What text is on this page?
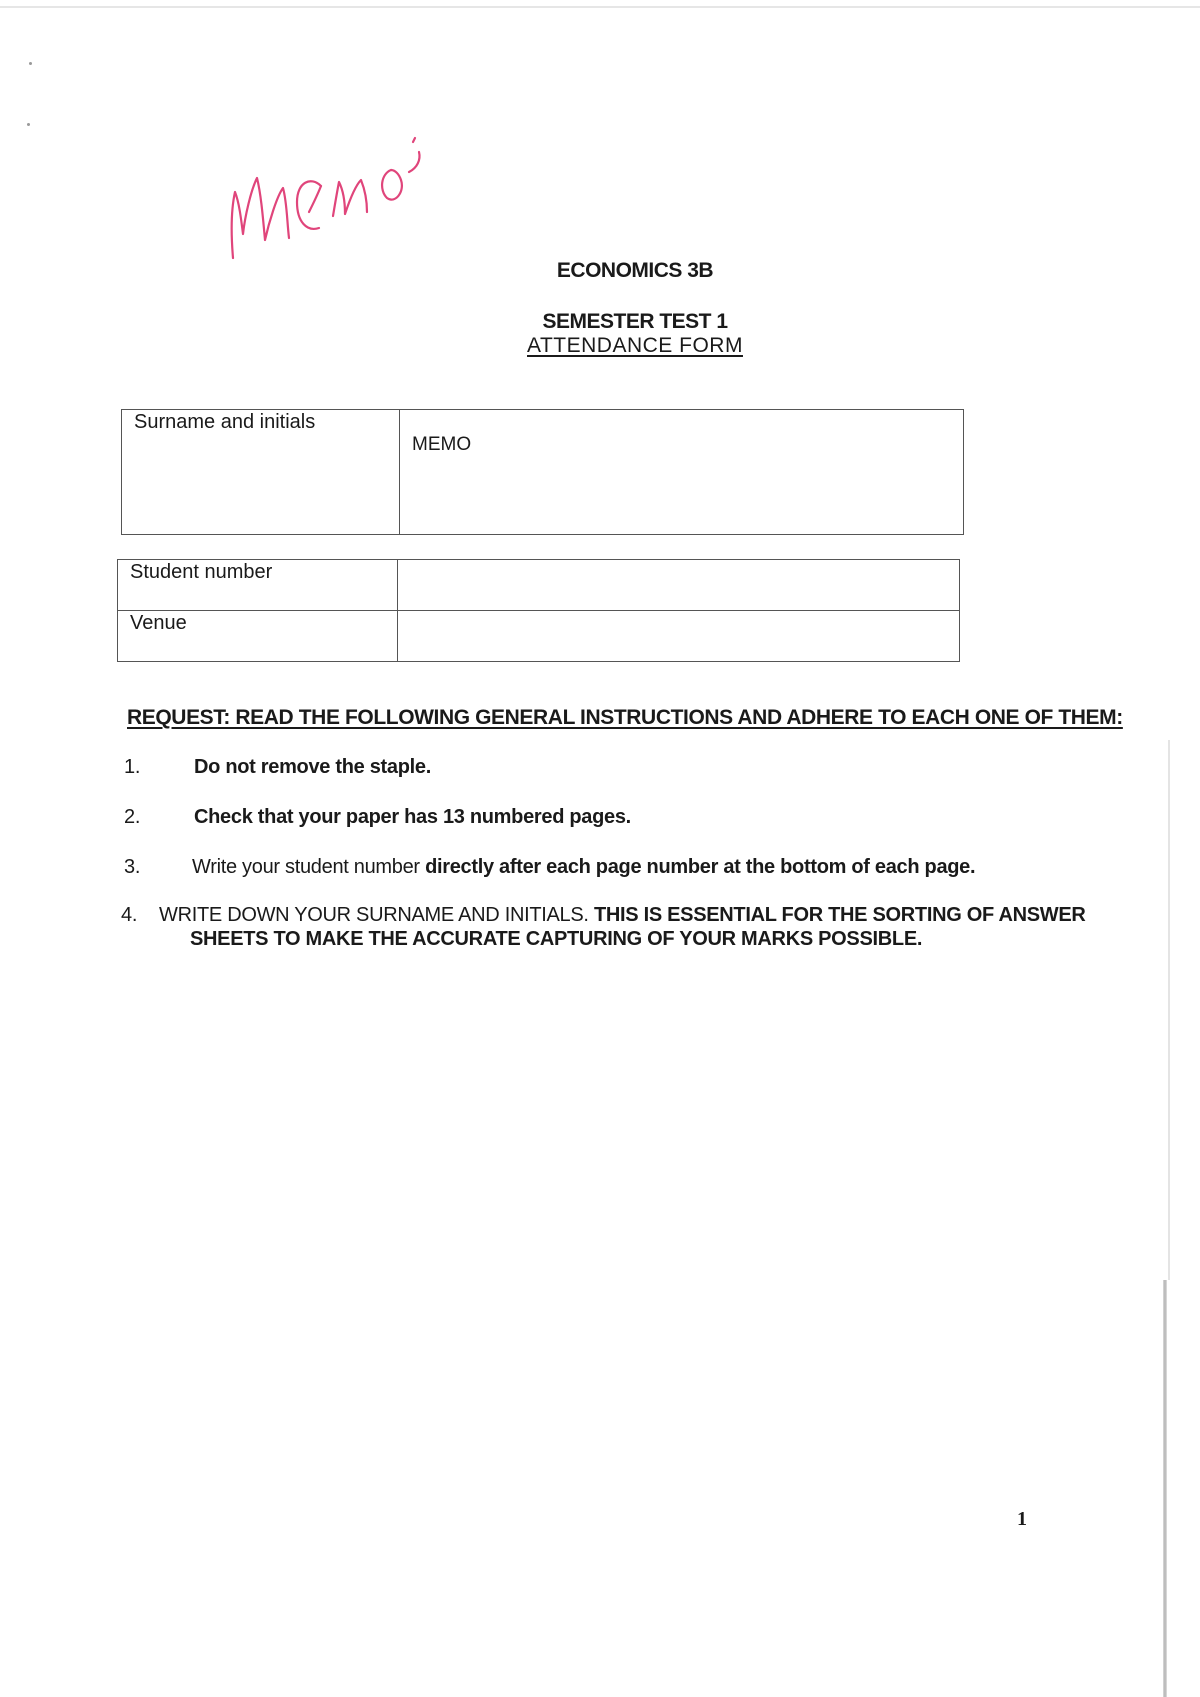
ECONOMICS 3B
SEMESTER TEST 1
ATTENDANCE FORM
Surname and initials	MEMO
Student number	
Venue	
REQUEST: READ THE FOLLOWING GENERAL INSTRUCTIONS AND ADHERE TO EACH ONE OF THEM:
1.	Do not remove the staple.
2.	Check that your paper has 13 numbered pages.
3.	Write your student number directly after each page number at the bottom of each page.
4. WRITE DOWN YOUR SURNAME AND INITIALS. THIS IS ESSENTIAL FOR THE SORTING OF ANSWER
SHEETS TO MAKE THE ACCURATE CAPTURING OF YOUR MARKS POSSIBLE.
1
